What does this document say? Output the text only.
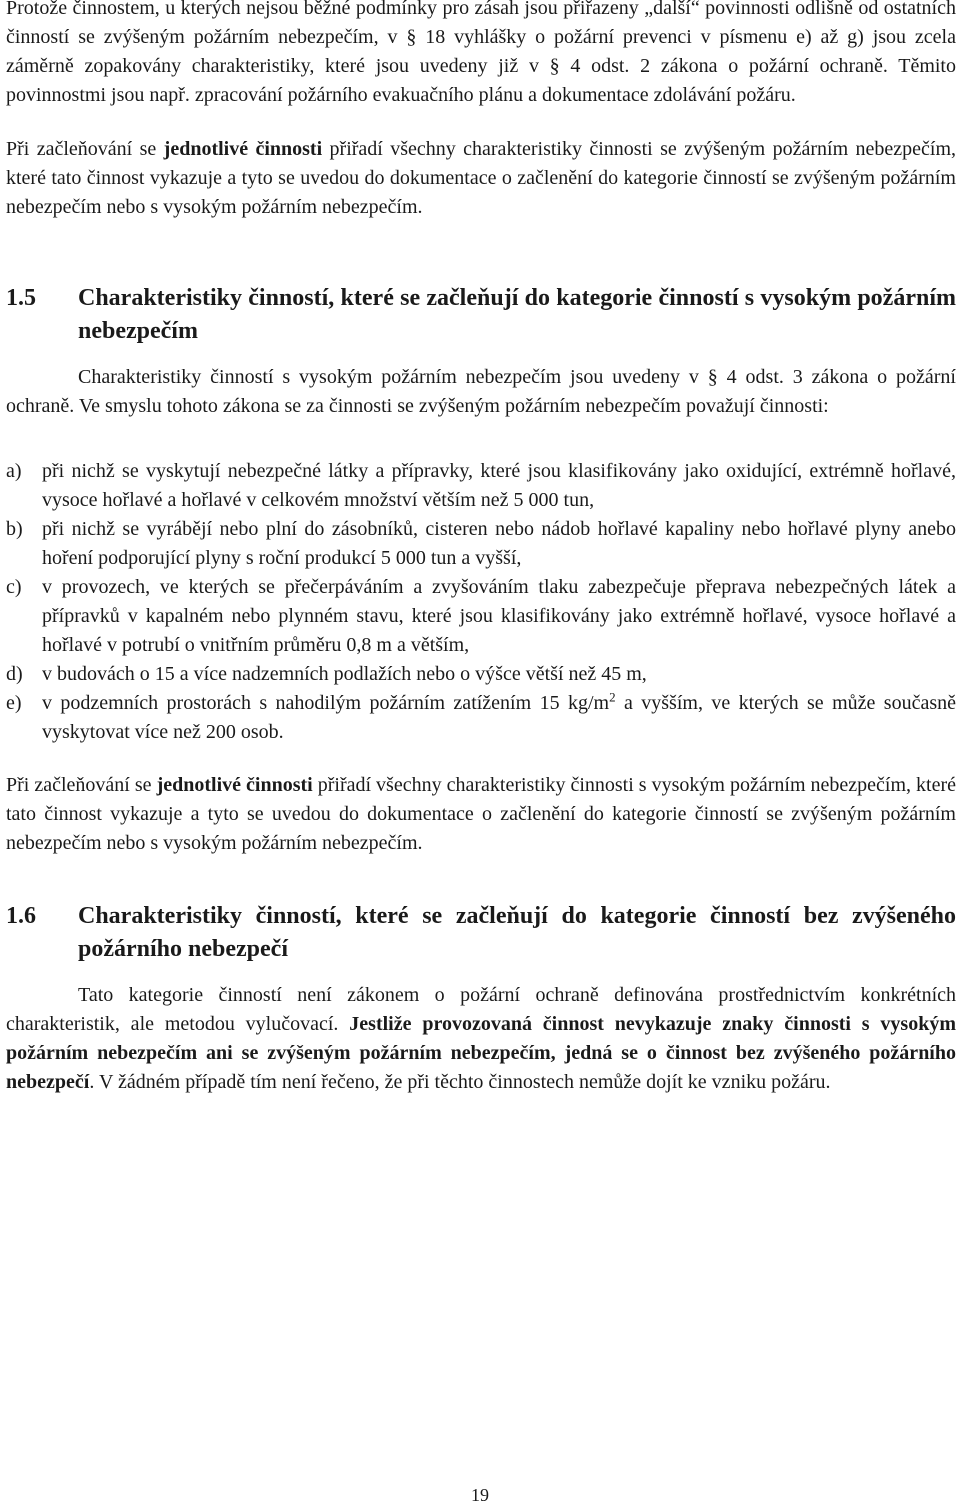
Protože činnostem, u kterých nejsou běžné podmínky pro zásah jsou přiřazeny „další“ povinnosti odlišně od ostatních činností se zvýšeným požárním nebezpečím, v § 18 vyhlášky o požární prevenci v písmenu e) až g) jsou zcela záměrně zopakovány charakteristiky, které jsou uvedeny již v § 4 odst. 2 zákona o požární ochraně. Těmito povinnostmi jsou např. zpracování požárního evakuačního plánu a dokumentace zdolávání požáru.

Při začleňování se jednotlivé činnosti přiřadí všechny charakteristiky činnosti se zvýšeným požárním nebezpečím, které tato činnost vykazuje a tyto se uvedou do dokumentace o začlenění do kategorie činností se zvýšeným požárním nebezpečím nebo s vysokým požárním nebezpečím.

1.5	Charakteristiky činností, které se začleňují do kategorie činností s vysokým požárním nebezpečím

Charakteristiky činností s vysokým požárním nebezpečím jsou uvedeny v § 4 odst. 3 zákona o požární ochraně. Ve smyslu tohoto zákona se za činnosti se zvýšeným požárním nebezpečím považují činnosti:

a)	při nichž se vyskytují nebezpečné látky a přípravky, které jsou klasifikovány jako oxidující, extrémně hořlavé, vysoce hořlavé a hořlavé v celkovém množství větším než 5 000 tun,
b) při nichž se vyrábějí nebo plní do zásobníků, cisteren nebo nádob hořlavé kapaliny nebo hořlavé plyny anebo hoření podporující plyny s roční produkcí 5 000 tun a vyšší,
c)	v provozech, ve kterých se přečerpáváním a zvyšováním tlaku zabezpečuje přeprava nebezpečných látek a přípravků v kapalném nebo plynném stavu, které jsou klasifikovány jako extrémně hořlavé, vysoce hořlavé a hořlavé v potrubí o vnitřním průměru 0,8 m a větším,
d) v budovách o 15 a více nadzemních podlažích nebo o výšce větší než 45 m,
e)	v podzemních prostorách s nahodilým požárním zatížením 15 $kg/m^2$ a vyšším, ve kterých se může současně vyskytovat více než 200 osob.

Při začleňování se jednotlivé činnosti přiřadí všechny charakteristiky činnosti s vysokým požárním nebezpečím, které tato činnost vykazuje a tyto se uvedou do dokumentace o začlenění do kategorie činností se zvýšeným požárním nebezpečím nebo s vysokým požárním nebezpečím.

1.6	Charakteristiky činností, které se začleňují do kategorie činností bez zvýšeného požárního nebezpečí

Tato kategorie činností není zákonem o požární ochraně definována prostřednictvím konkrétních charakteristik, ale metodou vylučovací. Jestliže provozovaná činnost nevykazuje znaky činnosti s vysokým požárním nebezpečím ani se zvýšeným požárním nebezpečím, jedná se o činnost bez zvýšeného požárního nebezpečí. V žádném případě tím není řečeno, že při těchto činnostech nemůže dojít ke vzniku požáru.

19
